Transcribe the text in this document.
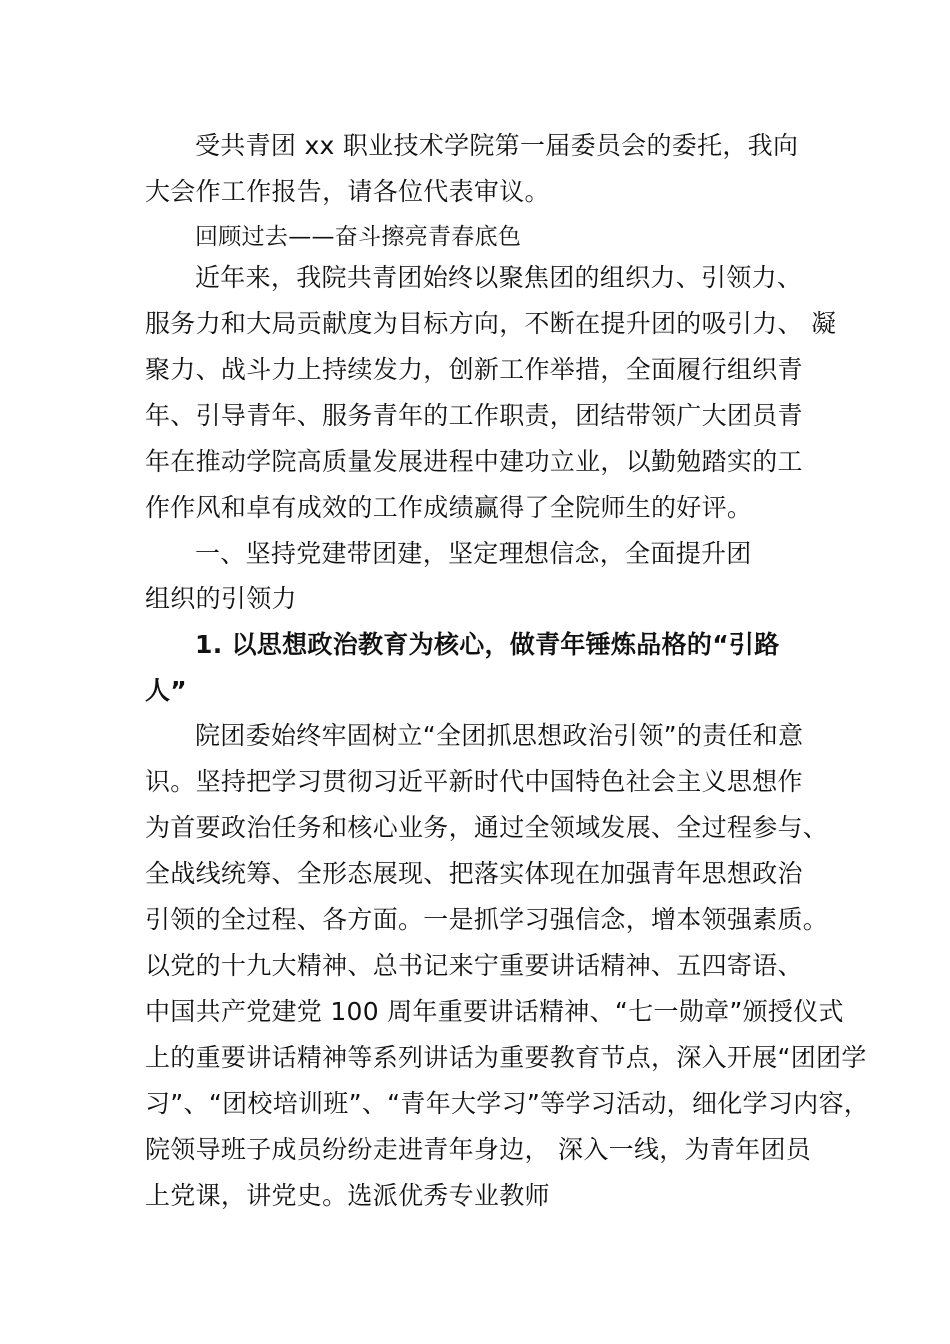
受共青团 xx 职业技术学院第一届委员会的委托，我向
大会作工作报告，请各位代表审议。
回顾过去——奋斗擦亮青春底色
近年来，我院共青团始终以聚焦团的组织力、引领力、
服务力和大局贡献度为目标方向，不断在提升团的吸引力、 凝
聚力、战斗力上持续发力，创新工作举措，全面履行组织青
年、引导青年、服务青年的工作职责，团结带领广大团员青
年在推动学院高质量发展进程中建功立业，以勤勉踏实的工
作作风和卓有成效的工作成绩赢得了全院师生的好评。
一、坚持党建带团建，坚定理想信念，全面提升团
组织的引领力
1. 以思想政治教育为核心，做青年锤炼品格的“引路
人”
院团委始终牢固树立“全团抓思想政治引领”的责任和意
识。坚持把学习贯彻习近平新时代中国特色社会主义思想作
为首要政治任务和核心业务，通过全领域发展、全过程参与、
全战线统筹、全形态展现、把落实体现在加强青年思想政治
引领的全过程、各方面。一是抓学习强信念，增本领强素质。
以党的十九大精神、总书记来宁重要讲话精神、五四寄语、
中国共产党建党 100 周年重要讲话精神、“七一勋章”颁授仪式
上的重要讲话精神等系列讲话为重要教育节点，深入开展“团团学
习”、“团校培训班”、“青年大学习”等学习活动，细化学习内容，
院领导班子成员纷纷走进青年身边， 深入一线，为青年团员
上党课，讲党史。选派优秀专业教师
